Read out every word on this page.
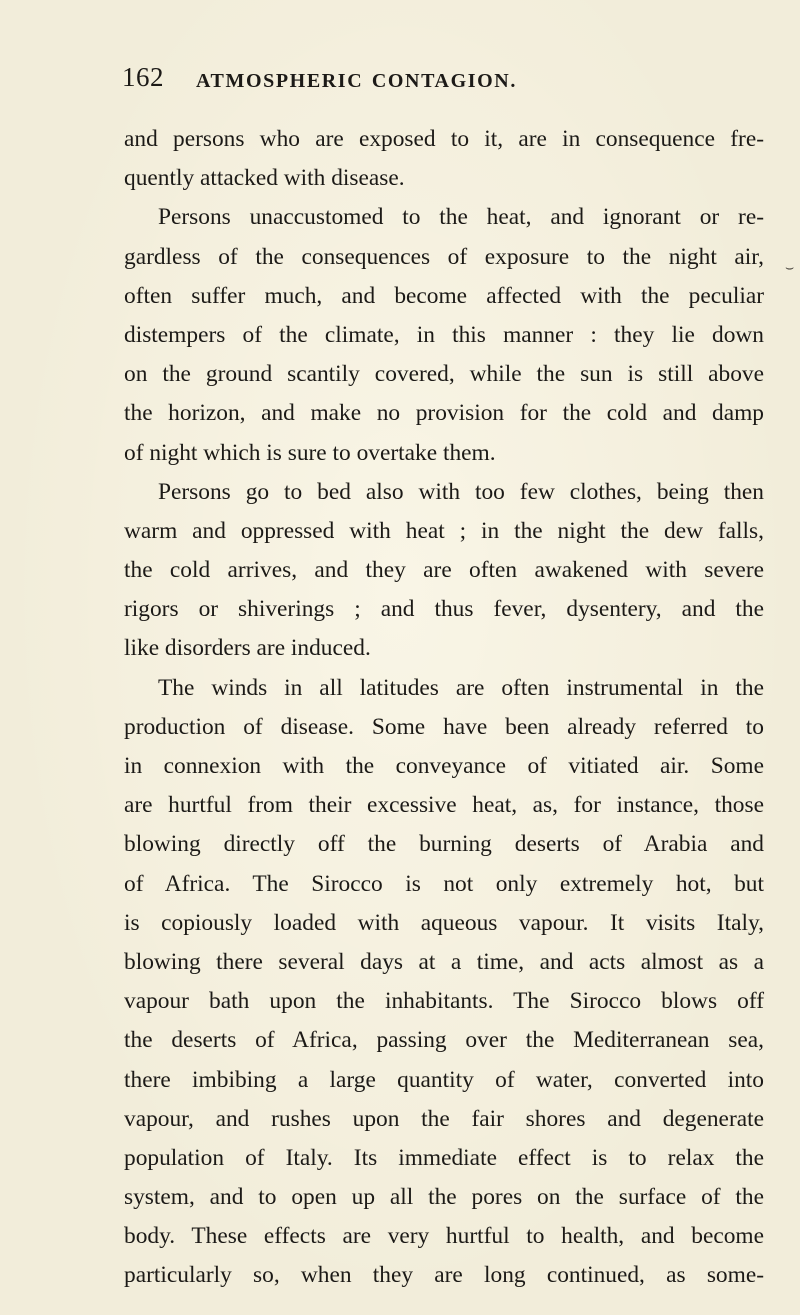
162 ATMOSPHERIC CONTAGION.
⌣
and persons who are exposed to it, are in consequence fre-
quently attacked with disease.
Persons unaccustomed to the heat, and ignorant or re-
gardless of the consequences of exposure to the night air,
often suffer much, and become affected with the peculiar
distempers of the climate, in this manner : they lie down
on the ground scantily covered, while the sun is still above
the horizon, and make no provision for the cold and damp
of night which is sure to overtake them.
Persons go to bed also with too few clothes, being then
warm and oppressed with heat ; in the night the dew falls,
the cold arrives, and they are often awakened with severe
rigors or shiverings ; and thus fever, dysentery, and the
like disorders are induced.
The winds in all latitudes are often instrumental in the
production of disease. Some have been already referred to
in connexion with the conveyance of vitiated air. Some
are hurtful from their excessive heat, as, for instance, those
blowing directly off the burning deserts of Arabia and
of Africa. The Sirocco is not only extremely hot, but
is copiously loaded with aqueous vapour. It visits Italy,
blowing there several days at a time, and acts almost as a
vapour bath upon the inhabitants. The Sirocco blows off
the deserts of Africa, passing over the Mediterranean sea,
there imbibing a large quantity of water, converted into
vapour, and rushes upon the fair shores and degenerate
population of Italy. Its immediate effect is to relax the
system, and to open up all the pores on the surface of the
body. These effects are very hurtful to health, and become
particularly so, when they are long continued, as some-
